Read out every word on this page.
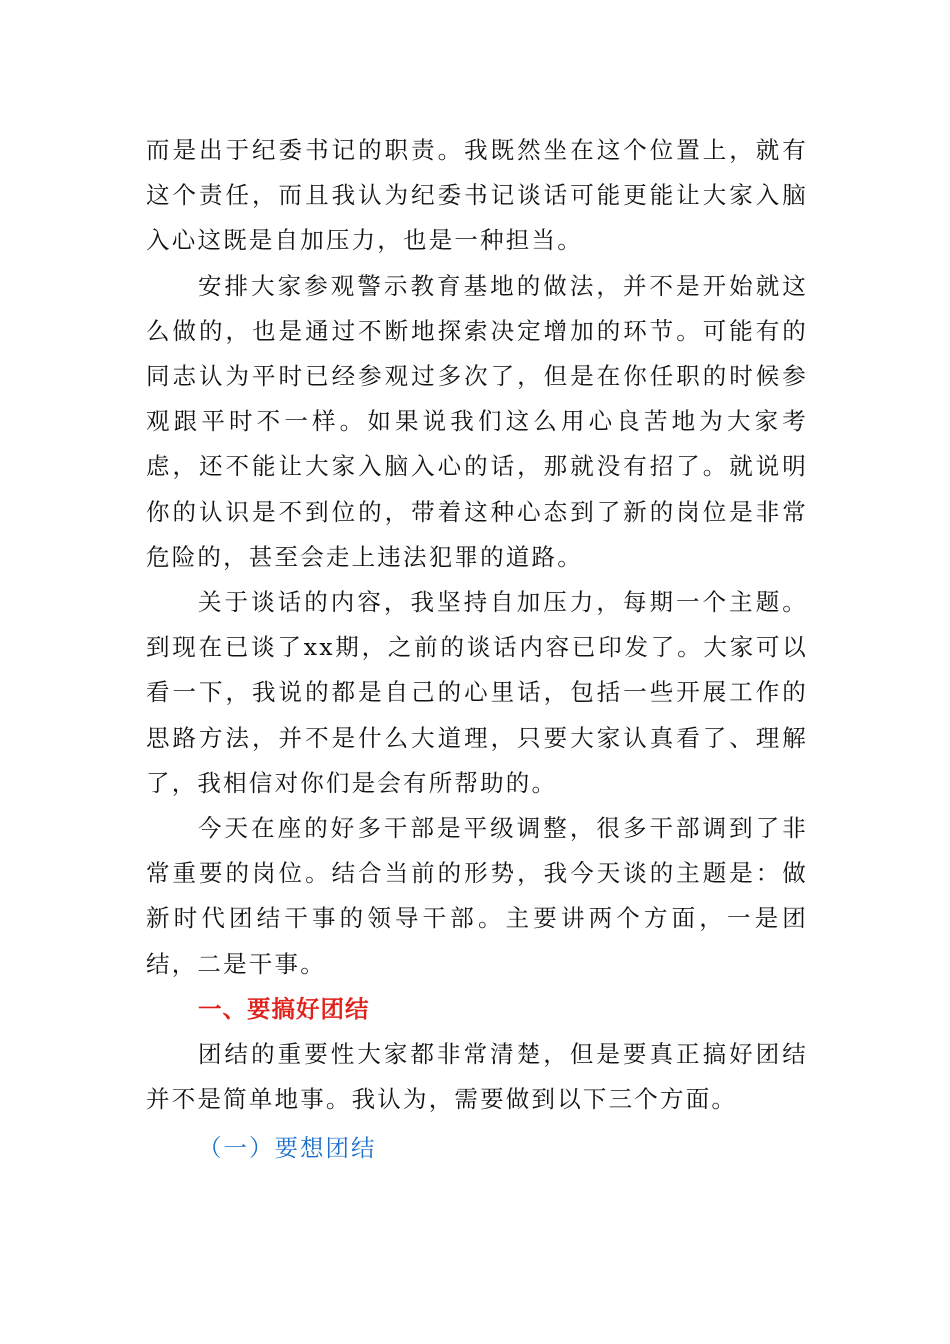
而是出于纪委书记的职责。我既然坐在这个位置上，就有这个责任，而且我认为纪委书记谈话可能更能让大家入脑入心这既是自加压力，也是一种担当。

安排大家参观警示教育基地的做法，并不是开始就这么做的，也是通过不断地探索决定增加的环节。可能有的同志认为平时已经参观过多次了，但是在你任职的时候参观跟平时不一样。如果说我们这么用心良苦地为大家考虑，还不能让大家入脑入心的话，那就没有招了。就说明你的认识是不到位的，带着这种心态到了新的岗位是非常危险的，甚至会走上违法犯罪的道路。

关于谈话的内容，我坚持自加压力，每期一个主题。到现在已谈了xx期，之前的谈话内容已印发了。大家可以看一下，我说的都是自己的心里话，包括一些开展工作的思路方法，并不是什么大道理，只要大家认真看了、理解了，我相信对你们是会有所帮助的。

今天在座的好多干部是平级调整，很多干部调到了非常重要的岗位。结合当前的形势，我今天谈的主题是：做新时代团结干事的领导干部。主要讲两个方面，一是团结，二是干事。

一、要搞好团结

团结的重要性大家都非常清楚，但是要真正搞好团结并不是简单地事。我认为，需要做到以下三个方面。

（一）要想团结
